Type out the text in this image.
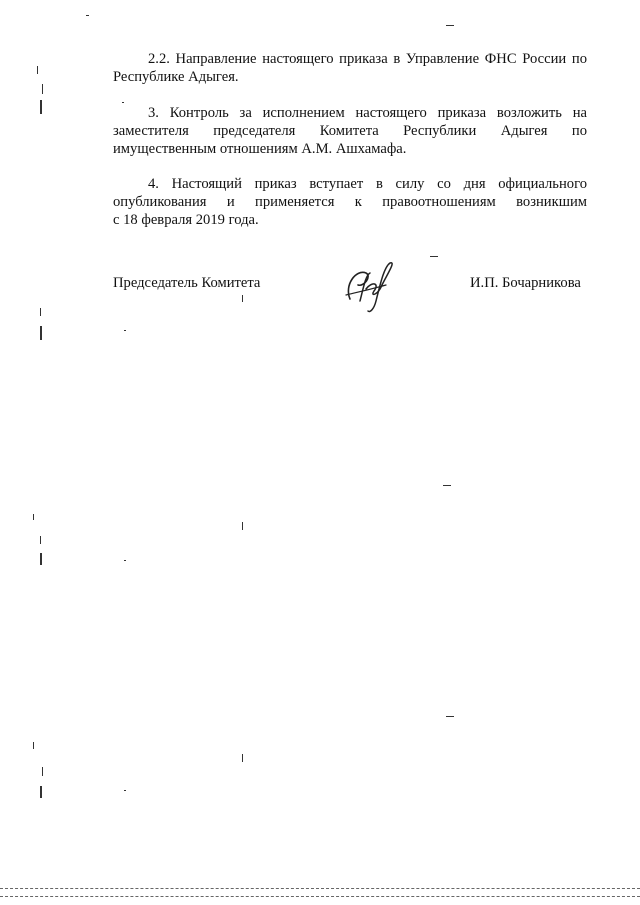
2.2. Направление настоящего приказа в Управление ФНС России по
Республике Адыгея.
3. Контроль за исполнением настоящего приказа возложить на
заместителя председателя Комитета Республики Адыгея по
имущественным отношениям А.М. Ашхамафа.
4. Настоящий приказ вступает в силу со дня официального
опубликования и применяется к правоотношениям возникшим
с 18 февраля 2019 года.
Председатель Комитета	И.П. Бочарникова
